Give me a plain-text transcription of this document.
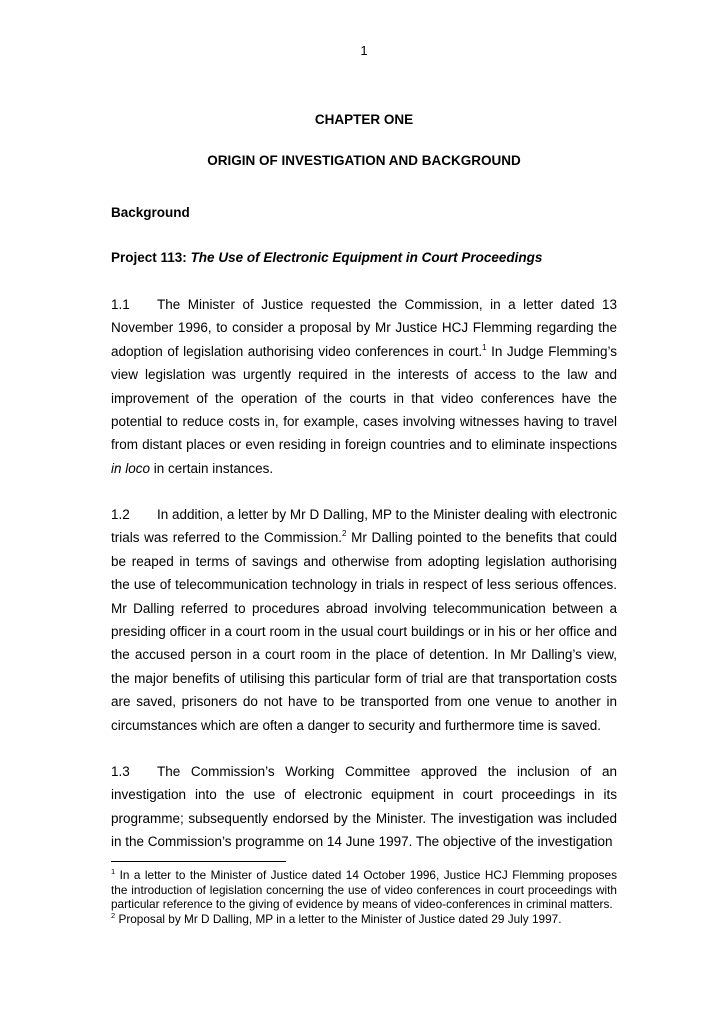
1
CHAPTER ONE
ORIGIN OF INVESTIGATION AND BACKGROUND
Background
Project 113: The Use of Electronic Equipment in Court Proceedings

1.1 The Minister of Justice requested the Commission, in a letter dated 13 November 1996, to consider a proposal by Mr Justice HCJ Flemming regarding the adoption of legislation authorising video conferences in court.$^1$ In Judge Flemming’s view legislation was urgently required in the interests of access to the law and improvement of the operation of the courts in that video conferences have the potential to reduce costs in, for example, cases involving witnesses having to travel from distant places or even residing in foreign countries and to eliminate inspections in loco in certain instances.

1.2 In addition, a letter by Mr D Dalling, MP to the Minister dealing with electronic trials was referred to the Commission.$^2$ Mr Dalling pointed to the benefits that could be reaped in terms of savings and otherwise from adopting legislation authorising the use of telecommunication technology in trials in respect of less serious offences. Mr Dalling referred to procedures abroad involving telecommunication between a presiding officer in a court room in the usual court buildings or in his or her office and the accused person in a court room in the place of detention. In Mr Dalling’s view, the major benefits of utilising this particular form of trial are that transportation costs are saved, prisoners do not have to be transported from one venue to another in circumstances which are often a danger to security and furthermore time is saved.

1.3 The Commission’s Working Committee approved the inclusion of an investigation into the use of electronic equipment in court proceedings in its programme; subsequently endorsed by the Minister. The investigation was included in the Commission’s programme on 14 June 1997. The objective of the investigation

$^1$ In a letter to the Minister of Justice dated 14 October 1996, Justice HCJ Flemming proposes the introduction of legislation concerning the use of video conferences in court proceedings with particular reference to the giving of evidence by means of video-conferences in criminal matters.

$^2$ Proposal by Mr D Dalling, MP in a letter to the Minister of Justice dated 29 July 1997.
